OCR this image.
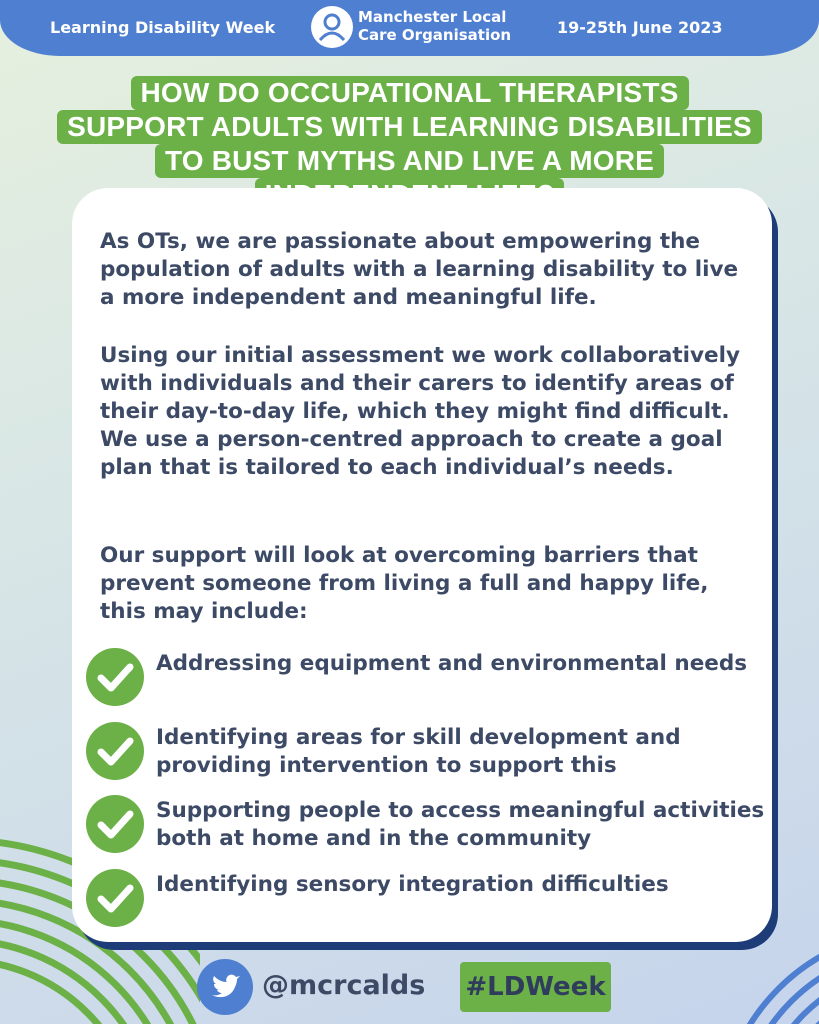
Learning Disability Week
Manchester Local
Care Organisation	19-25th June 2023
HOW DO OCCUPATIONAL THERAPISTS
SUPPORT ADULTS WITH LEARNING DISABILITIES
TO BUST MYTHS AND LIVE A MORE

As OTs, we are passionate about empowering the population of adults with a learning disability to live a more independent and meaningful life.

Using our initial assessment we work collaboratively with individuals and their carers to identify areas of their day-to-day life, which they might find difficult. We use a person-centred approach to create a goal plan that is tailored to each individual’s needs.

Our support will look at overcoming barriers that prevent someone from living a full and happy life, this may include:

Addressing equipment and environmental needs
Identifying areas for skill development and providing intervention to support this
Supporting people to access meaningful activities both at home and in the community
Identifying sensory integration difficulties
@mcrcalds #LDWeek
